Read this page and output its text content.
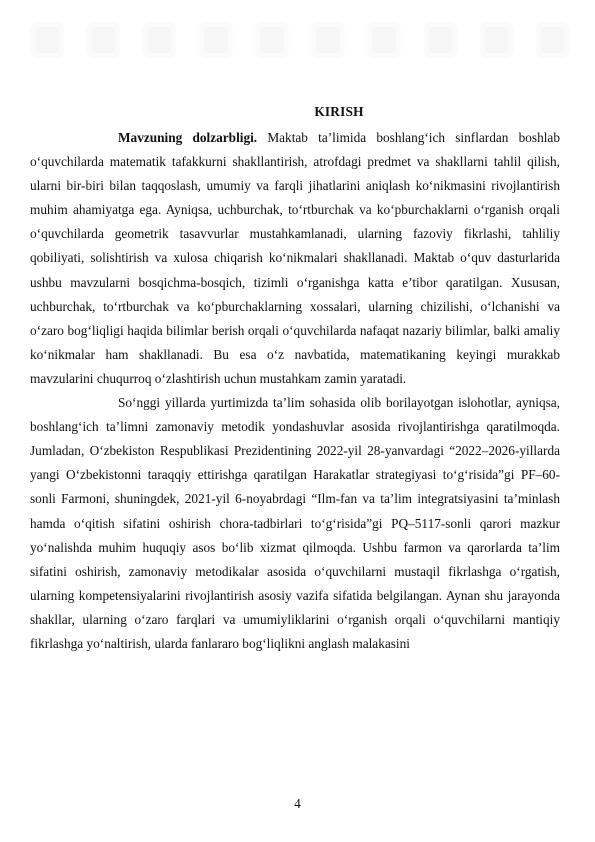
KIRISH
Mavzuning dolzarbligi. Maktab ta’limida boshlang‘ich sinflardan boshlab o‘quvchilarda matematik tafakkurni shakllantirish, atrofdagi predmet va shakllarni tahlil qilish, ularni bir-biri bilan taqqoslash, umumiy va farqli jihatlarini aniqlash ko‘nikmasini rivojlantirish muhim ahamiyatga ega. Ayniqsa, uchburchak, to‘rtburchak va ko‘pburchaklarni o‘rganish orqali o‘quvchilarda geometrik tasavvurlar mustahkamlanadi, ularning fazoviy fikrlashi, tahliliy qobiliyati, solishtirish va xulosa chiqarish ko‘nikmalari shakllanadi. Maktab o‘quv dasturlarida ushbu mavzularni bosqichma-bosqich, tizimli o‘rganishga katta e’tibor qaratilgan. Xususan, uchburchak, to‘rtburchak va ko‘pburchaklarning xossalari, ularning chizilishi, o‘lchanishi va o‘zaro bog‘liqligi haqida bilimlar berish orqali o‘quvchilarda nafaqat nazariy bilimlar, balki amaliy ko‘nikmalar ham shakllanadi. Bu esa o‘z navbatida, matematikaning keyingi murakkab mavzularini chuqurroq o‘zlashtirish uchun mustahkam zamin yaratadi.
So‘nggi yillarda yurtimizda ta’lim sohasida olib borilayotgan islohotlar, ayniqsa, boshlang‘ich ta’limni zamonaviy metodik yondashuvlar asosida rivojlantirishga qaratilmoqda. Jumladan, O‘zbekiston Respublikasi Prezidentining 2022-yil 28-yanvardagi “2022–2026-yillarda yangi O‘zbekistonni taraqqiy ettirishga qaratilgan Harakatlar strategiyasi to‘g‘risida”gi PF–60-sonli Farmoni, shuningdek, 2021-yil 6-noyabrdagi “Ilm-fan va ta’lim integratsiyasini ta’minlash hamda o‘qitish sifatini oshirish chora-tadbirlari to‘g‘risida”gi PQ–5117-sonli qarori mazkur yo‘nalishda muhim huquqiy asos bo‘lib xizmat qilmoqda. Ushbu farmon va qarorlarda ta’lim sifatini oshirish, zamonaviy metodikalar asosida o‘quvchilarni mustaqil fikrlashga o‘rgatish, ularning kompetensiyalarini rivojlantirish asosiy vazifa sifatida belgilangan. Aynan shu jarayonda shakllar, ularning o‘zaro farqlari va umumiyliklarini o‘rganish orqali o‘quvchilarni mantiqiy fikrlashga yo‘naltirish, ularda fanlararo bog‘liqlikni anglash malakasini
4
